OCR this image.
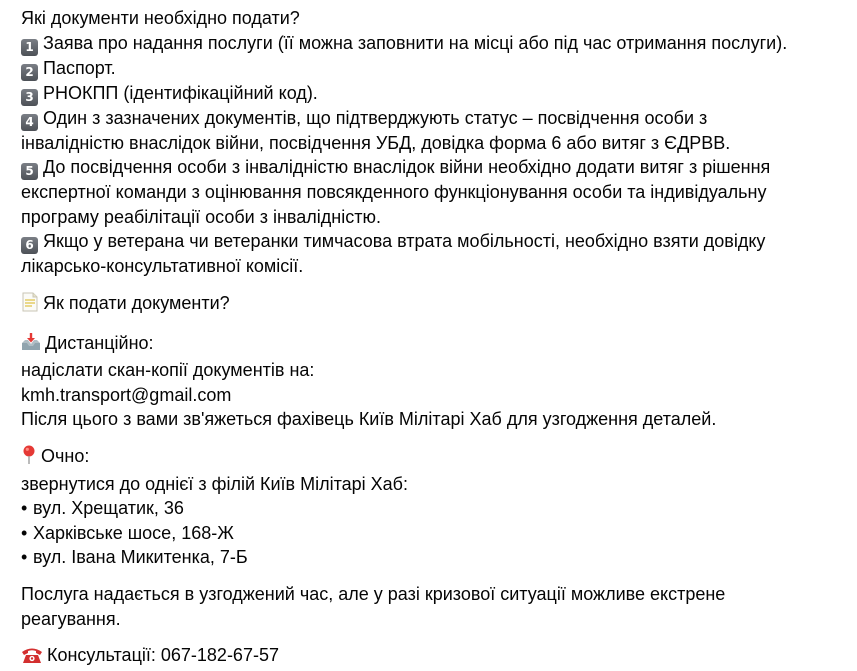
Які документи необхідно подати?
1 Заява про надання послуги (її можна заповнити на місці або під час отримання послуги).
2 Паспорт.
3 РНОКПП (ідентифікаційний код).
4 Один з зазначених документів, що підтверджують статус – посвідчення особи з
інвалідністю внаслідок війни, посвідчення УБД, довідка форма 6 або витяг з ЄДРВВ.
5 До посвідчення особи з інвалідністю внаслідок війни необхідно додати витяг з рішення
експертної команди з оцінювання повсякденного функціонування особи та індивідуальну
програму реабілітації особи з інвалідністю.
6 Якщо у ветерана чи ветеранки тимчасова втрата мобільності, необхідно взяти довідку
лікарсько-консультативної комісії.
Як подати документи?
Дистанційно:
надіслати скан-копії документів на:
kmh.transport@gmail.com
Після цього з вами зв'яжеться фахівець Київ Мілітарі Хаб для узгодження деталей.
Очно:
звернутися до однієї з філій Київ Мілітарі Хаб:
• вул. Хрещатик, 36
• Харківське шосе, 168-Ж
• вул. Івана Микитенка, 7-Б
Послуга надається в узгоджений час, але у разі кризової ситуації можливе екстрене
реагування.
Консультації: 067-182-67-57
